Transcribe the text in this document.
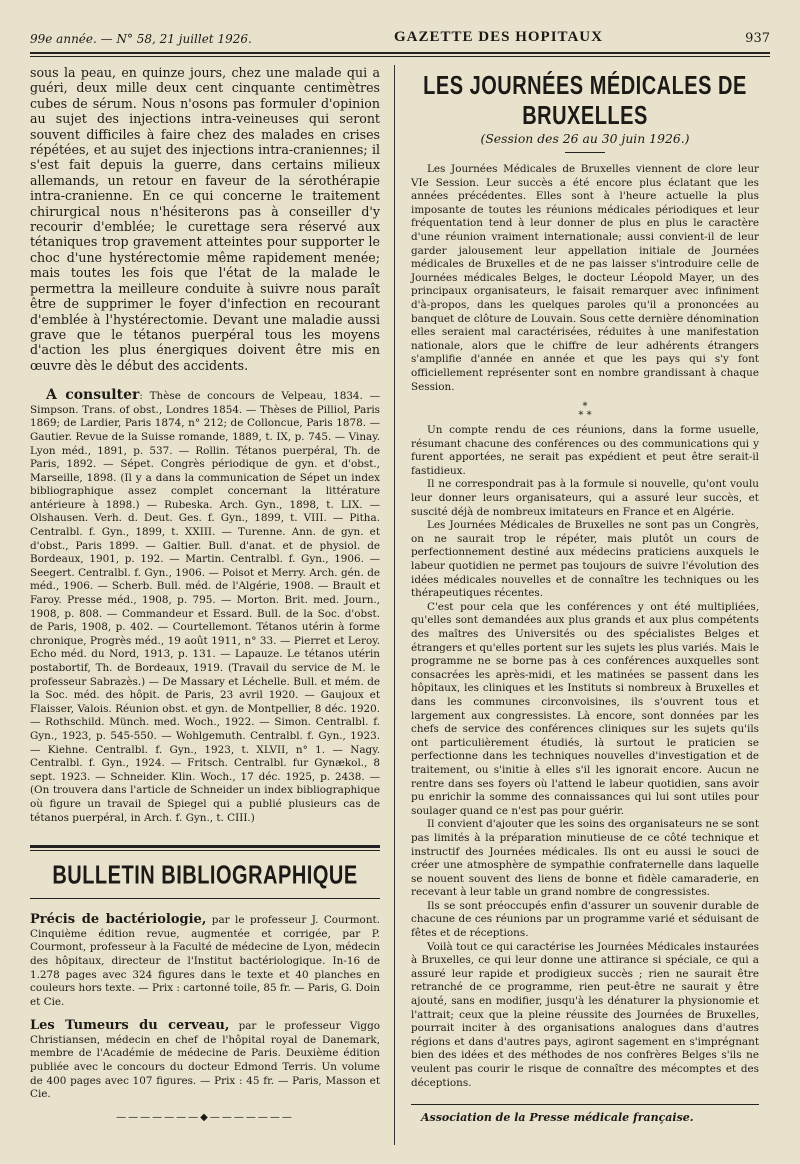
99e année. — N° 58, 21 juillet 1926.	GAZETTE DES HOPITAUX	937

sous la peau, en quinze jours, chez une malade qui a guéri, deux mille deux cent cinquante centimètres cubes de sérum. Nous n'osons pas formuler d'opinion au sujet des injections intra-veineuses qui seront souvent difficiles à faire chez des malades en crises répétées, et au sujet des injections intra-craniennes; il s'est fait depuis la guerre, dans certains milieux allemands, un retour en faveur de la sérothérapie intra-cranienne. En ce qui concerne le traitement chirurgical nous n'hésiterons pas à conseiller d'y recourir d'emblée; le curettage sera réservé aux tétaniques trop gravement atteintes pour supporter le choc d'une hystérectomie même rapidement menée; mais toutes les fois que l'état de la malade le permettra la meilleure conduite à suivre nous paraît être de supprimer le foyer d'infection en recourant d'emblée à l'hystérectomie. Devant une maladie aussi grave que le tétanos puerpéral tous les moyens d'action les plus énergiques doivent être mis en œuvre dès le début des accidents.

A consulter: Thèse de concours de Velpeau, 1834. — Simpson. Trans. of obst., Londres 1854. — Thèses de Pilliol, Paris 1869; de Lardier, Paris 1874, n° 212; de Colloncue, Paris 1878. — Gautier. Revue de la Suisse romande, 1889, t. IX, p. 745. — Vinay. Lyon méd., 1891, p. 537. — Rollin. Tétanos puerpéral, Th. de Paris, 1892. — Sépet. Congrès périodique de gyn. et d'obst., Marseille, 1898. (Il y a dans la communication de Sépet un index bibliographique assez complet concernant la littérature antérieure à 1898.) — Rubeska. Arch. Gyn., 1898, t. LIX. — Olshausen. Verh. d. Deut. Ges. f. Gyn., 1899, t. VIII. — Pitha. Centralbl. f. Gyn., 1899, t. XXIII. — Turenne. Ann. de gyn. et d'obst., Paris 1899. — Galtier. Bull. d'anat. et de physiol. de Bordeaux, 1901, p. 192. — Martin. Centralbl. f. Gyn., 1906. — Seegert. Centralbl. f. Gyn., 1906. — Poisot et Merry. Arch. gén. de méd., 1906. — Scherb. Bull. méd. de l'Algérie, 1908. — Brault et Faroy. Presse méd., 1908, p. 795. — Morton. Brit. med. Journ., 1908, p. 808. — Commandeur et Essard. Bull. de la Soc. d'obst. de Paris, 1908, p. 402. — Courtellemont. Tétanos utérin à forme chronique, Progrès méd., 19 août 1911, n° 33. — Pierret et Leroy. Echo méd. du Nord, 1913, p. 131. — Lapauze. Le tétanos utérin postabortif, Th. de Bordeaux, 1919. (Travail du service de M. le professeur Sabrazès.) — De Massary et Léchelle. Bull. et mém. de la Soc. méd. des hôpit. de Paris, 23 avril 1920. — Gaujoux et Flaisser, Valois. Réunion obst. et gyn. de Montpellier, 8 déc. 1920. — Rothschild. Münch. med. Woch., 1922. — Simon. Centralbl. f. Gyn., 1923, p. 545-550. — Wohlgemuth. Centralbl. f. Gyn., 1923. — Kiehne. Centralbl. f. Gyn., 1923, t. XLVII, n° 1. — Nagy. Centralbl. f. Gyn., 1924. — Fritsch. Centralbl. fur Gynækol., 8 sept. 1923. — Schneider. Klin. Woch., 17 déc. 1925, p. 2438. — (On trouvera dans l'article de Schneider un index bibliographique où figure un travail de Spiegel qui a publié plusieurs cas de tétanos puerpéral, in Arch. f. Gyn., t. CIII.)

BULLETIN BIBLIOGRAPHIQUE

Précis de bactériologie, par le professeur J. Courmont. Cinquième édition revue, augmentée et corrigée, par P. Courmont, professeur à la Faculté de médecine de Lyon, médecin des hôpitaux, directeur de l'Institut bactériologique. In-16 de 1.278 pages avec 324 figures dans le texte et 40 planches en couleurs hors texte. — Prix : cartonné toile, 85 fr. — Paris, G. Doin et Cie.

Les Tumeurs du cerveau, par le professeur Viggo Christiansen, médecin en chef de l'hôpital royal de Danemark, membre de l'Académie de médecine de Paris. Deuxième édition publiée avec le concours du docteur Edmond Terris. Un volume de 400 pages avec 107 figures. — Prix : 45 fr. — Paris, Masson et Cie.

———————◆———————
LES JOURNÉES MÉDICALES DE BRUXELLES
(Session des 26 au 30 juin 1926.)

Les Journées Médicales de Bruxelles viennent de clore leur VIe Session. Leur succès a été encore plus éclatant que les années précédentes. Elles sont à l'heure actuelle la plus imposante de toutes les réunions médicales périodiques et leur fréquentation tend à leur donner de plus en plus le caractère d'une réunion vraiment internationale; aussi convient-il de leur garder jalousement leur appellation initiale de Journées médicales de Bruxelles et de ne pas laisser s'introduire celle de Journées médicales Belges, le docteur Léopold Mayer, un des principaux organisateurs, le faisait remarquer avec infiniment d'à-propos, dans les quelques paroles qu'il a prononcées au banquet de clôture de Louvain. Sous cette dernière dénomination elles seraient mal caractérisées, réduites à une manifestation nationale, alors que le chiffre de leur adhérents étrangers s'amplifie d'année en année et que les pays qui s'y font officiellement représenter sont en nombre grandissant à chaque Session.

*
* *

Un compte rendu de ces réunions, dans la forme usuelle, résumant chacune des conférences ou des communications qui y furent apportées, ne serait pas expédient et peut être serait-il fastidieux.

Il ne correspondrait pas à la formule si nouvelle, qu'ont voulu leur donner leurs organisateurs, qui a assuré leur succès, et suscité déjà de nombreux imitateurs en France et en Algérie.

Les Journées Médicales de Bruxelles ne sont pas un Congrès, on ne saurait trop le répéter, mais plutôt un cours de perfectionnement destiné aux médecins praticiens auxquels le labeur quotidien ne permet pas toujours de suivre l'évolution des idées médicales nouvelles et de connaître les techniques ou les thérapeutiques récentes.

C'est pour cela que les conférences y ont été multipliées, qu'elles sont demandées aux plus grands et aux plus compétents des maîtres des Universités ou des spécialistes Belges et étrangers et qu'elles portent sur les sujets les plus variés. Mais le programme ne se borne pas à ces conférences auxquelles sont consacrées les après-midi, et les matinées se passent dans les hôpitaux, les cliniques et les Instituts si nombreux à Bruxelles et dans les communes circonvoisines, ils s'ouvrent tous et largement aux congressistes. Là encore, sont données par les chefs de service des conférences cliniques sur les sujets qu'ils ont particulièrement étudiés, là surtout le praticien se perfectionne dans les techniques nouvelles d'investigation et de traitement, ou s'initie à elles s'il les ignorait encore. Aucun ne rentre dans ses foyers où l'attend le labeur quotidien, sans avoir pu enrichir la somme des connaissances qui lui sont utiles pour soulager quand ce n'est pas pour guérir.

Il convient d'ajouter que les soins des organisateurs ne se sont pas limités à la préparation minutieuse de ce côté technique et instructif des Journées médicales. Ils ont eu aussi le souci de créer une atmosphère de sympathie confraternelle dans laquelle se nouent souvent des liens de bonne et fidèle camaraderie, en recevant à leur table un grand nombre de congressistes.

Ils se sont préoccupés enfin d'assurer un souvenir durable de chacune de ces réunions par un programme varié et séduisant de fêtes et de réceptions.

Voilà tout ce qui caractérise les Journées Médicales instaurées à Bruxelles, ce qui leur donne une attirance si spéciale, ce qui a assuré leur rapide et prodigieux succès ; rien ne saurait être retranché de ce programme, rien peut-être ne saurait y être ajouté, sans en modifier, jusqu'à les dénaturer la physionomie et l'attrait; ceux que la pleine réussite des Journées de Bruxelles, pourrait inciter à des organisations analogues dans d'autres régions et dans d'autres pays, agiront sagement en s'imprégnant bien des idées et des méthodes de nos confrères Belges s'ils ne veulent pas courir le risque de connaître des mécomptes et des déceptions.

Association de la Presse médicale française.
